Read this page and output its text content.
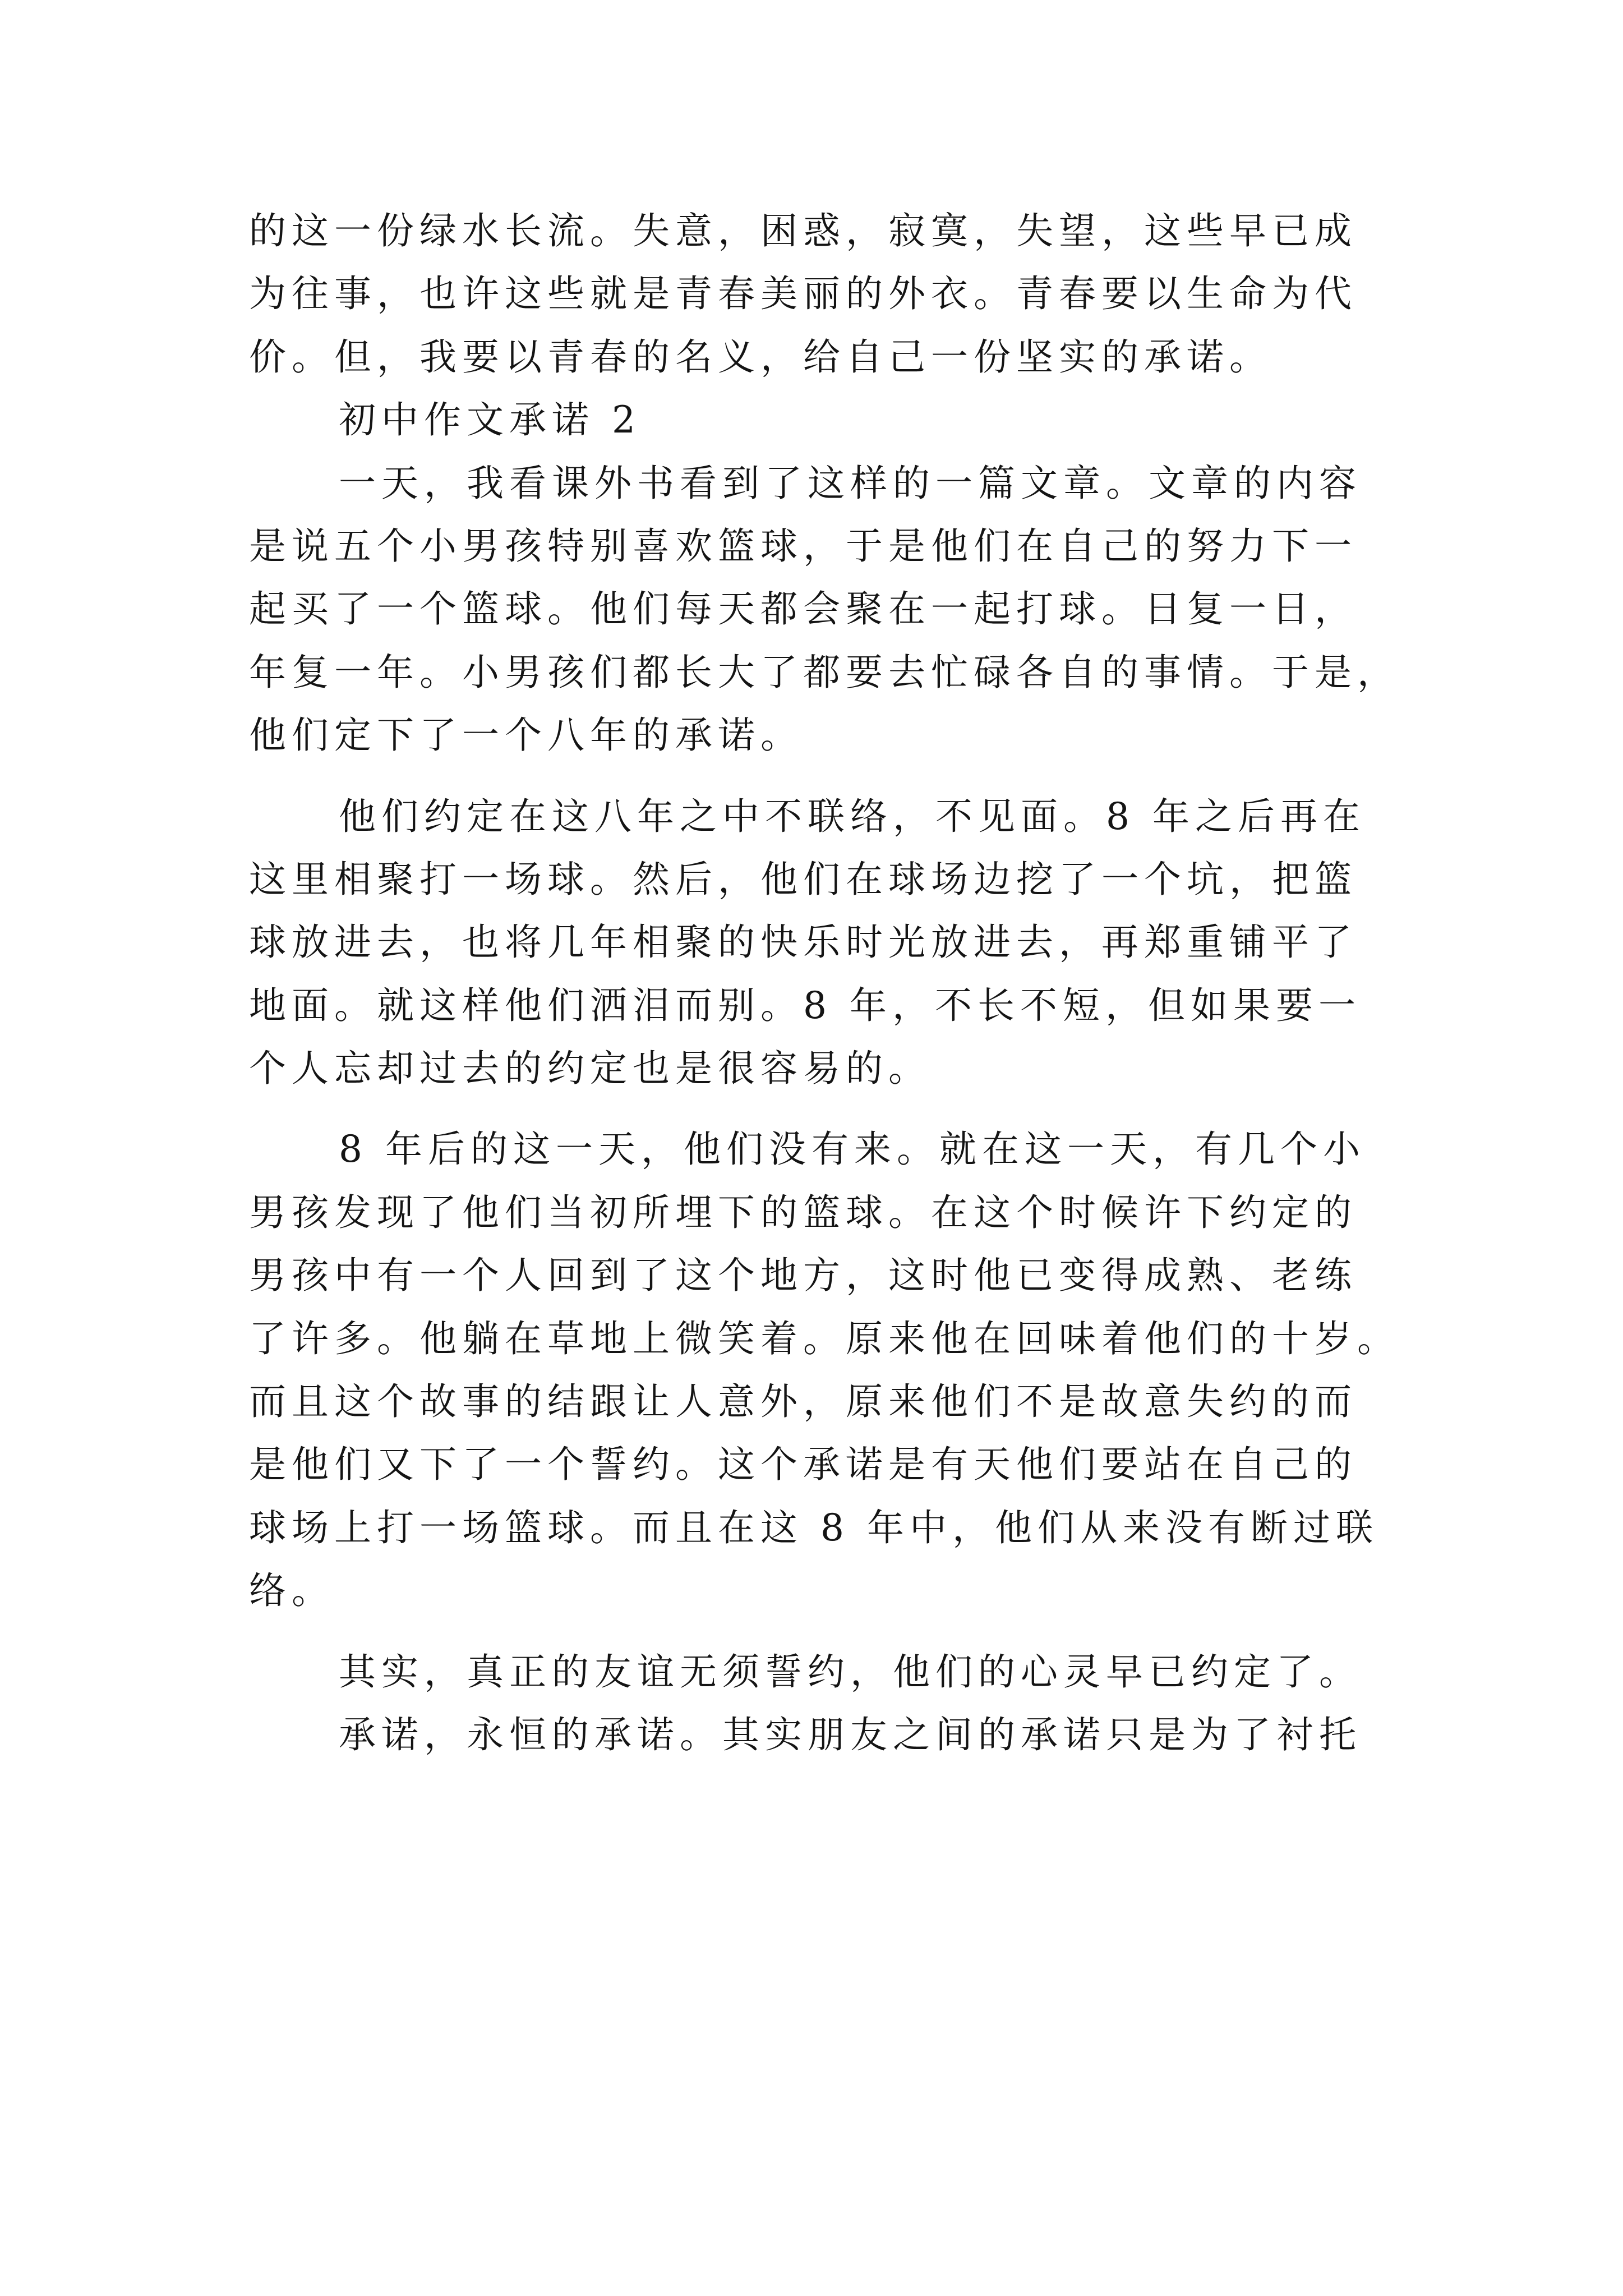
的这一份绿水长流。失意，困惑，寂寞，失望，这些早已成
为往事，也许这些就是青春美丽的外衣。青春要以生命为代
价。但，我要以青春的名义，给自己一份坚实的承诺。
初中作文承诺 2
一天，我看课外书看到了这样的一篇文章。文章的内容
是说五个小男孩特别喜欢篮球，于是他们在自己的努力下一
起买了一个篮球。他们每天都会聚在一起打球。日复一日，
年复一年。小男孩们都长大了都要去忙碌各自的事情。于是，
他们定下了一个八年的承诺。
他们约定在这八年之中不联络，不见面。8 年之后再在
这里相聚打一场球。然后，他们在球场边挖了一个坑，把篮
球放进去，也将几年相聚的快乐时光放进去，再郑重铺平了
地面。就这样他们洒泪而别。8 年，不长不短，但如果要一
个人忘却过去的约定也是很容易的。
8 年后的这一天，他们没有来。就在这一天，有几个小
男孩发现了他们当初所埋下的篮球。在这个时候许下约定的
男孩中有一个人回到了这个地方，这时他已变得成熟、老练
了许多。他躺在草地上微笑着。原来他在回味着他们的十岁。
而且这个故事的结跟让人意外，原来他们不是故意失约的而
是他们又下了一个誓约。这个承诺是有天他们要站在自己的
球场上打一场篮球。而且在这 8 年中，他们从来没有断过联
络。
其实，真正的友谊无须誓约，他们的心灵早已约定了。
承诺，永恒的承诺。其实朋友之间的承诺只是为了衬托
